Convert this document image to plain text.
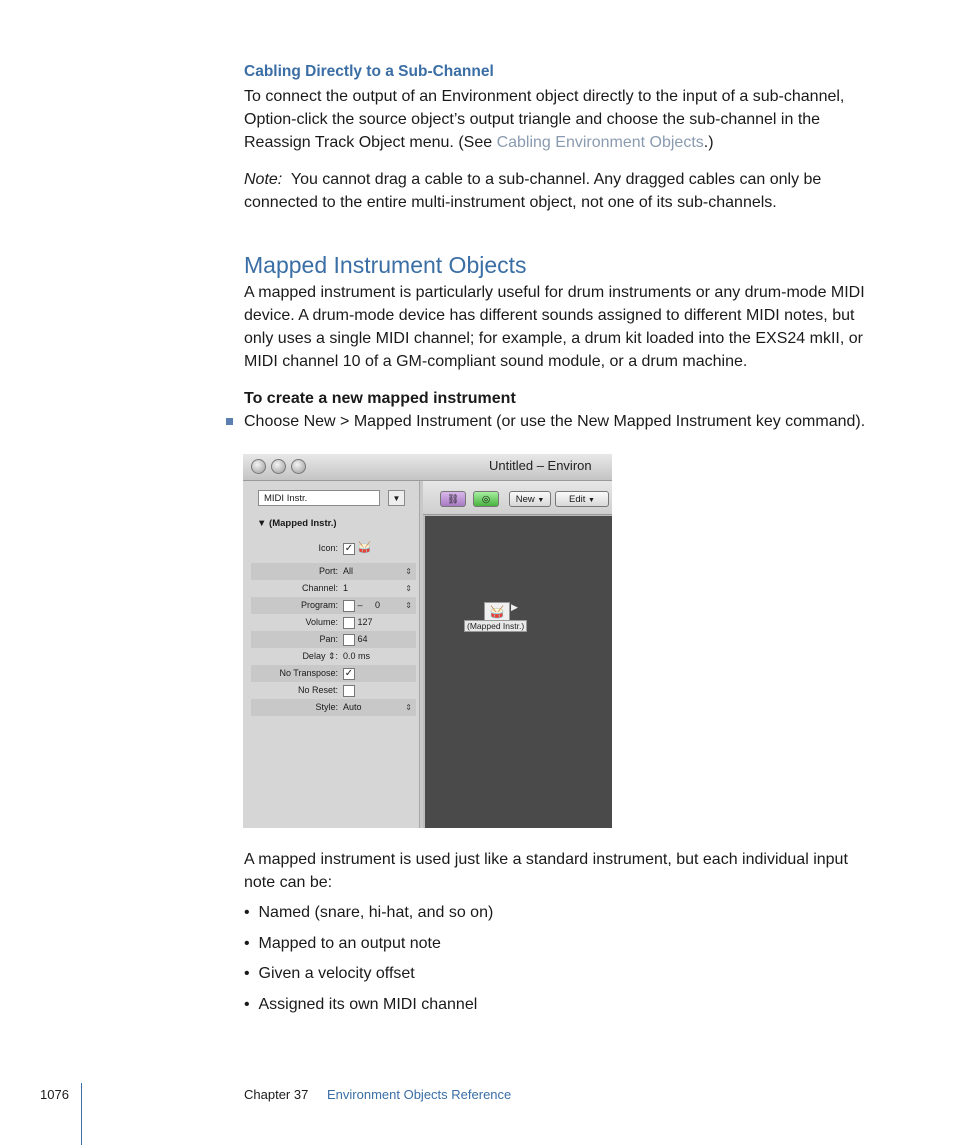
Cabling Directly to a Sub-Channel
To connect the output of an Environment object directly to the input of a sub-channel,
Option-click the source object’s output triangle and choose the sub-channel in the
Reassign Track Object menu. (See Cabling Environment Objects.)
Note: You cannot drag a cable to a sub-channel. Any dragged cables can only be
connected to the entire multi-instrument object, not one of its sub-channels.
Mapped Instrument Objects
A mapped instrument is particularly useful for drum instruments or any drum-mode MIDI
device. A drum-mode device has different sounds assigned to different MIDI notes, but
only uses a single MIDI channel; for example, a drum kit loaded into the EXS24 mkII, or
MIDI channel 10 of a GM-compliant sound module, or a drum machine.
To create a new mapped instrument
Choose New > Mapped Instrument (or use the New Mapped Instrument key command).
Untitled – Environ
MIDI Instr.	▼
▼ (Mapped Instr.)
Icon: ✓ 🥁
Port: All	⇕
Channel: 1	⇕
Program:	–     0	⇕
Volume:	127
Pan:	64
Delay ⇕: 0.0 ms
No Transpose: ✓
No Reset:
Style: Auto	⇕
⛓	◎	New ▼	Edit ▼
🥁 ▶
(Mapped Instr.)
A mapped instrument is used just like a standard instrument, but each individual input
note can be:
• Named (snare, hi-hat, and so on)
• Mapped to an output note
• Given a velocity offset
• Assigned its own MIDI channel
1076	Chapter 37 Environment Objects Reference
